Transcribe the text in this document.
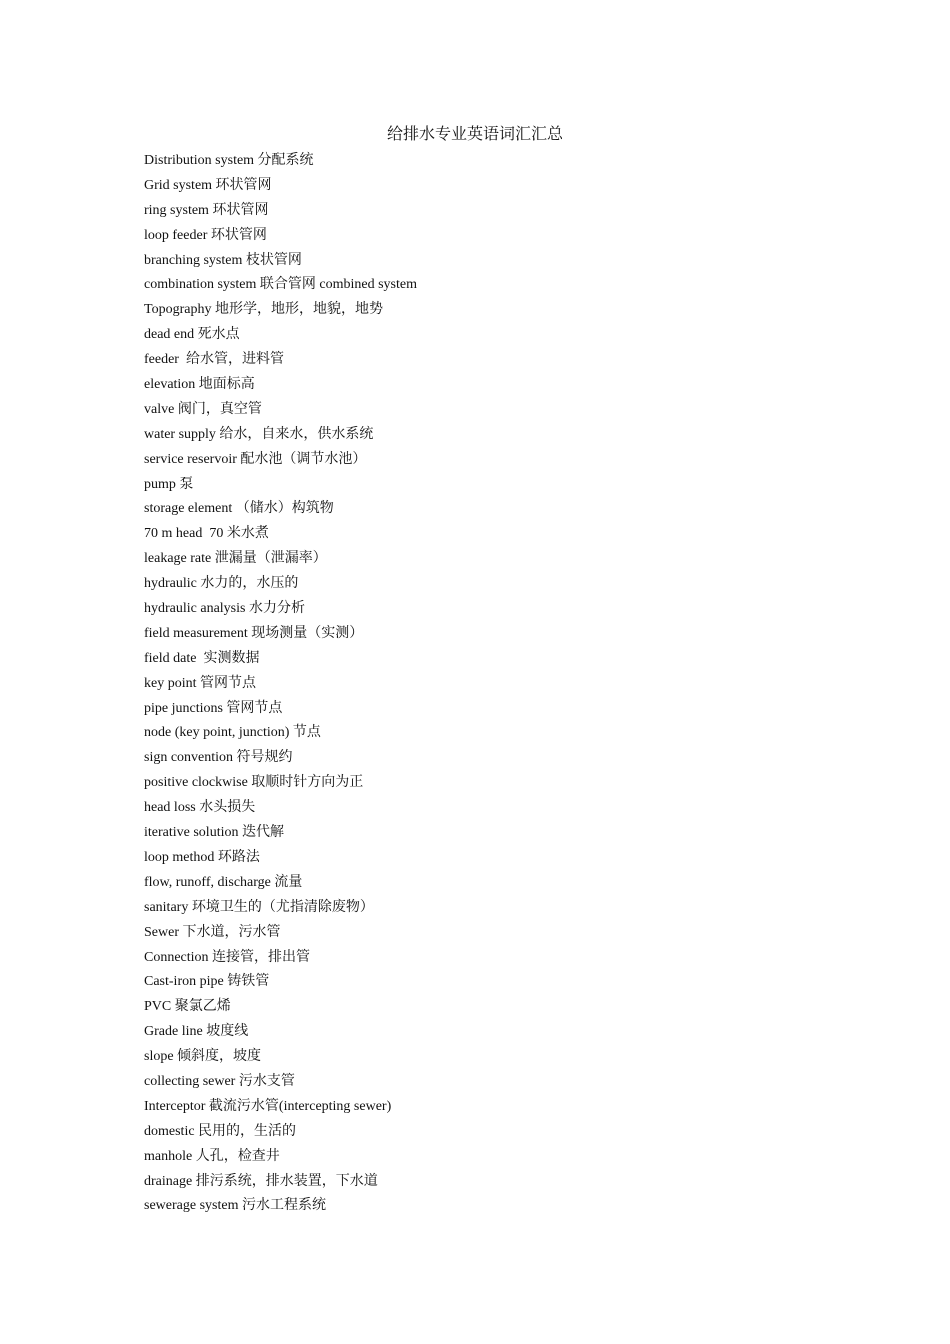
给排水专业英语词汇汇总
Distribution system 分配系统
Grid system 环状管网
ring system 环状管网
loop feeder 环状管网
branching system 枝状管网
combination system 联合管网 combined system
Topography 地形学，地形，地貌，地势
dead end 死水点
feeder  给水管，进料管
elevation 地面标高
valve 阀门，真空管
water supply 给水，自来水，供水系统
service reservoir 配水池（调节水池）
pump 泵
storage element （储水）构筑物
70 m head  70 米水煮
leakage rate 泄漏量（泄漏率）
hydraulic 水力的，水压的
hydraulic analysis 水力分析
field measurement 现场测量（实测）
field date  实测数据
key point 管网节点
pipe junctions 管网节点
node (key point, junction) 节点
sign convention 符号规约
positive clockwise 取顺时针方向为正
head loss 水头损失
iterative solution 迭代解
loop method 环路法
flow, runoff, discharge 流量
sanitary 环境卫生的（尤指清除废物）
Sewer 下水道，污水管
Connection 连接管，排出管
Cast-iron pipe 铸铁管
PVC 聚氯乙烯
Grade line 坡度线
slope 倾斜度，坡度
collecting sewer 污水支管
Interceptor 截流污水管(intercepting sewer)
domestic 民用的，生活的
manhole 人孔，检查井
drainage 排污系统，排水装置，下水道
sewerage system 污水工程系统
